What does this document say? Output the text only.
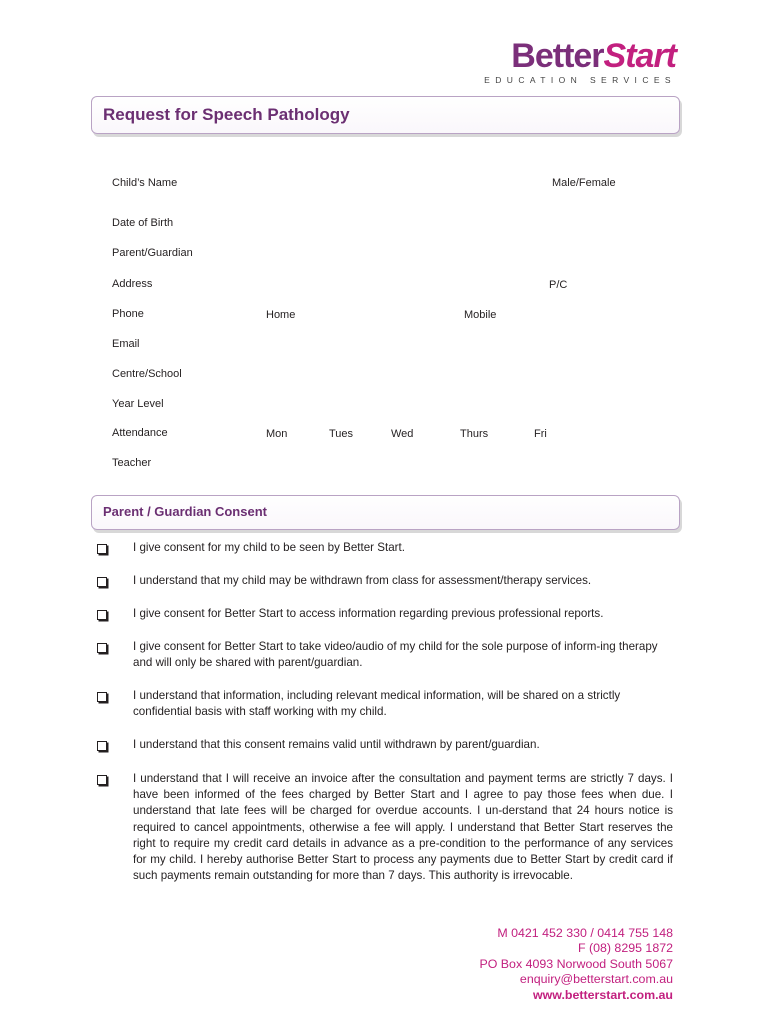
BetterStart
EDUCATION SERVICES
Request for Speech Pathology
Child’s Name	Male/Female
Date of Birth
Parent/Guardian
Address	P/C
Phone	Home	Mobile
Email
Centre/School
Year Level
Attendance	Mon	Tues	Wed	Thurs	Fri
Teacher
Parent / Guardian Consent
I give consent for my child to be seen by Better Start.
I understand that my child may be withdrawn from class for assessment/therapy services.
I give consent for Better Start to access information regarding previous professional reports.
I give consent for Better Start to take video/audio of my child for the sole purpose of inform-ing therapy and will only be shared with parent/guardian.
I understand that information, including relevant medical information, will be shared on a strictly confidential basis with staff working with my child.
I understand that this consent remains valid until withdrawn by parent/guardian.
I understand that I will receive an invoice after the consultation and payment terms are strictly 7 days. I have been informed of the fees charged by Better Start and I agree to pay those fees when due. I understand that late fees will be charged for overdue accounts. I un-derstand that 24 hours notice is required to cancel appointments, otherwise a fee will apply. I understand that Better Start reserves the right to require my credit card details in advance as a pre-condition to the performance of any services for my child. I hereby authorise Better Start to process any payments due to Better Start by credit card if such payments remain outstanding for more than 7 days. This authority is irrevocable.
M 0421 452 330 / 0414 755 148
F (08) 8295 1872
PO Box 4093 Norwood South 5067
enquiry@betterstart.com.au
www.betterstart.com.au
